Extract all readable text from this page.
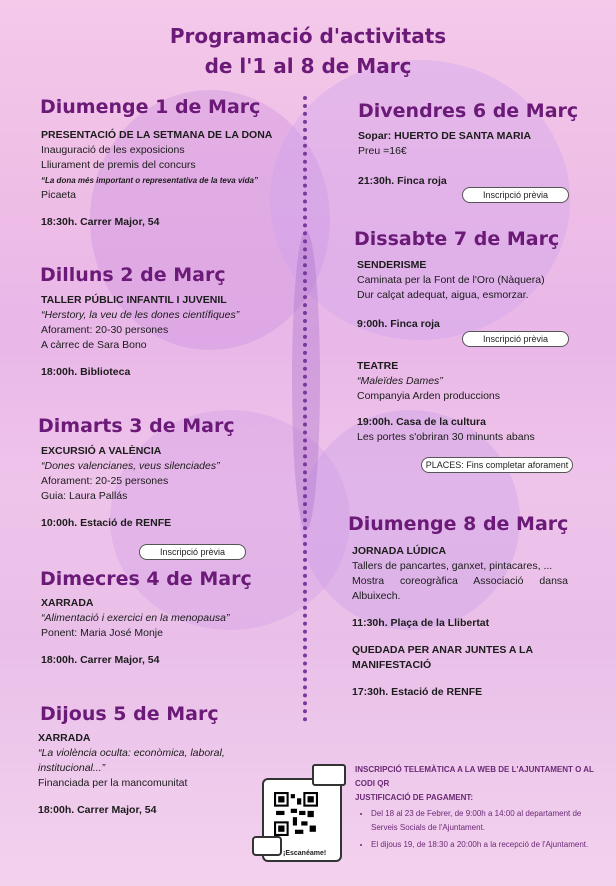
Programació d'activitats
de l'1 al 8 de Març
Diumenge 1 de Març
PRESENTACIÓ DE LA SETMANA DE LA DONA
Inauguració de les exposicions
Lliurament de premis del concurs
“La dona més important o representativa de la teva vida”
Picaeta
18:30h. Carrer Major, 54
Dilluns 2 de Març
TALLER PÚBLIC INFANTIL I JUVENIL
“Herstory, la veu de les dones científiques”
Aforament: 20-30 persones
A càrrec de Sara Bono
18:00h. Biblioteca
Dimarts 3 de Març
EXCURSIÓ A VALÈNCIA
“Dones valencianes, veus silenciades”
Aforament: 20-25 persones
Guia: Laura Pallás
10:00h. Estació de RENFE
Inscripció prèvia
Dimecres 4 de Març
XARRADA
“Alimentació i exercici en la menopausa”
Ponent: Maria José Monje
18:00h. Carrer Major, 54
Dijous 5 de Març
XARRADA
“La violència oculta: econòmica, laboral,
institucional...”
Financiada per la mancomunitat
18:00h. Carrer Major, 54
Divendres 6 de Març
Sopar: HUERTO DE SANTA MARIA
Preu =16€
21:30h. Finca roja
Inscripció prèvia
Dissabte 7 de Març
SENDERISME
Caminata per la Font de l'Oro (Nàquera)
Dur calçat adequat, aigua, esmorzar.
9:00h. Finca roja
Inscripció prèvia
TEATRE
“Maleïdes Dames”
Companyia Arden produccions
19:00h. Casa de la cultura
Les portes s'obriran 30 minunts abans
PLACES: Fins completar aforament
Diumenge 8 de Març
JORNADA LÚDICA
Tallers de pancartes, ganxet, pintacares, ...
Mostra coreogràfica Associació dansa
Albuixech.
11:30h. Plaça de la Llibertat
QUEDADA PER ANAR JUNTES A LA
MANIFESTACIÓ
17:30h. Estació de RENFE
¡Escanéame!
INSCRIPCIÓ TELEMÀTICA A LA WEB DE L'AJUNTAMENT O AL CODI QR
JUSTIFICACIÓ DE PAGAMENT:
• Del 18 al 23 de Febrer, de 9:00h a 14:00 al departament de Serveis Socials de l'Ajuntament.
• El dijous 19, de 18:30 a 20:00h a la recepció de l'Ajuntament.
